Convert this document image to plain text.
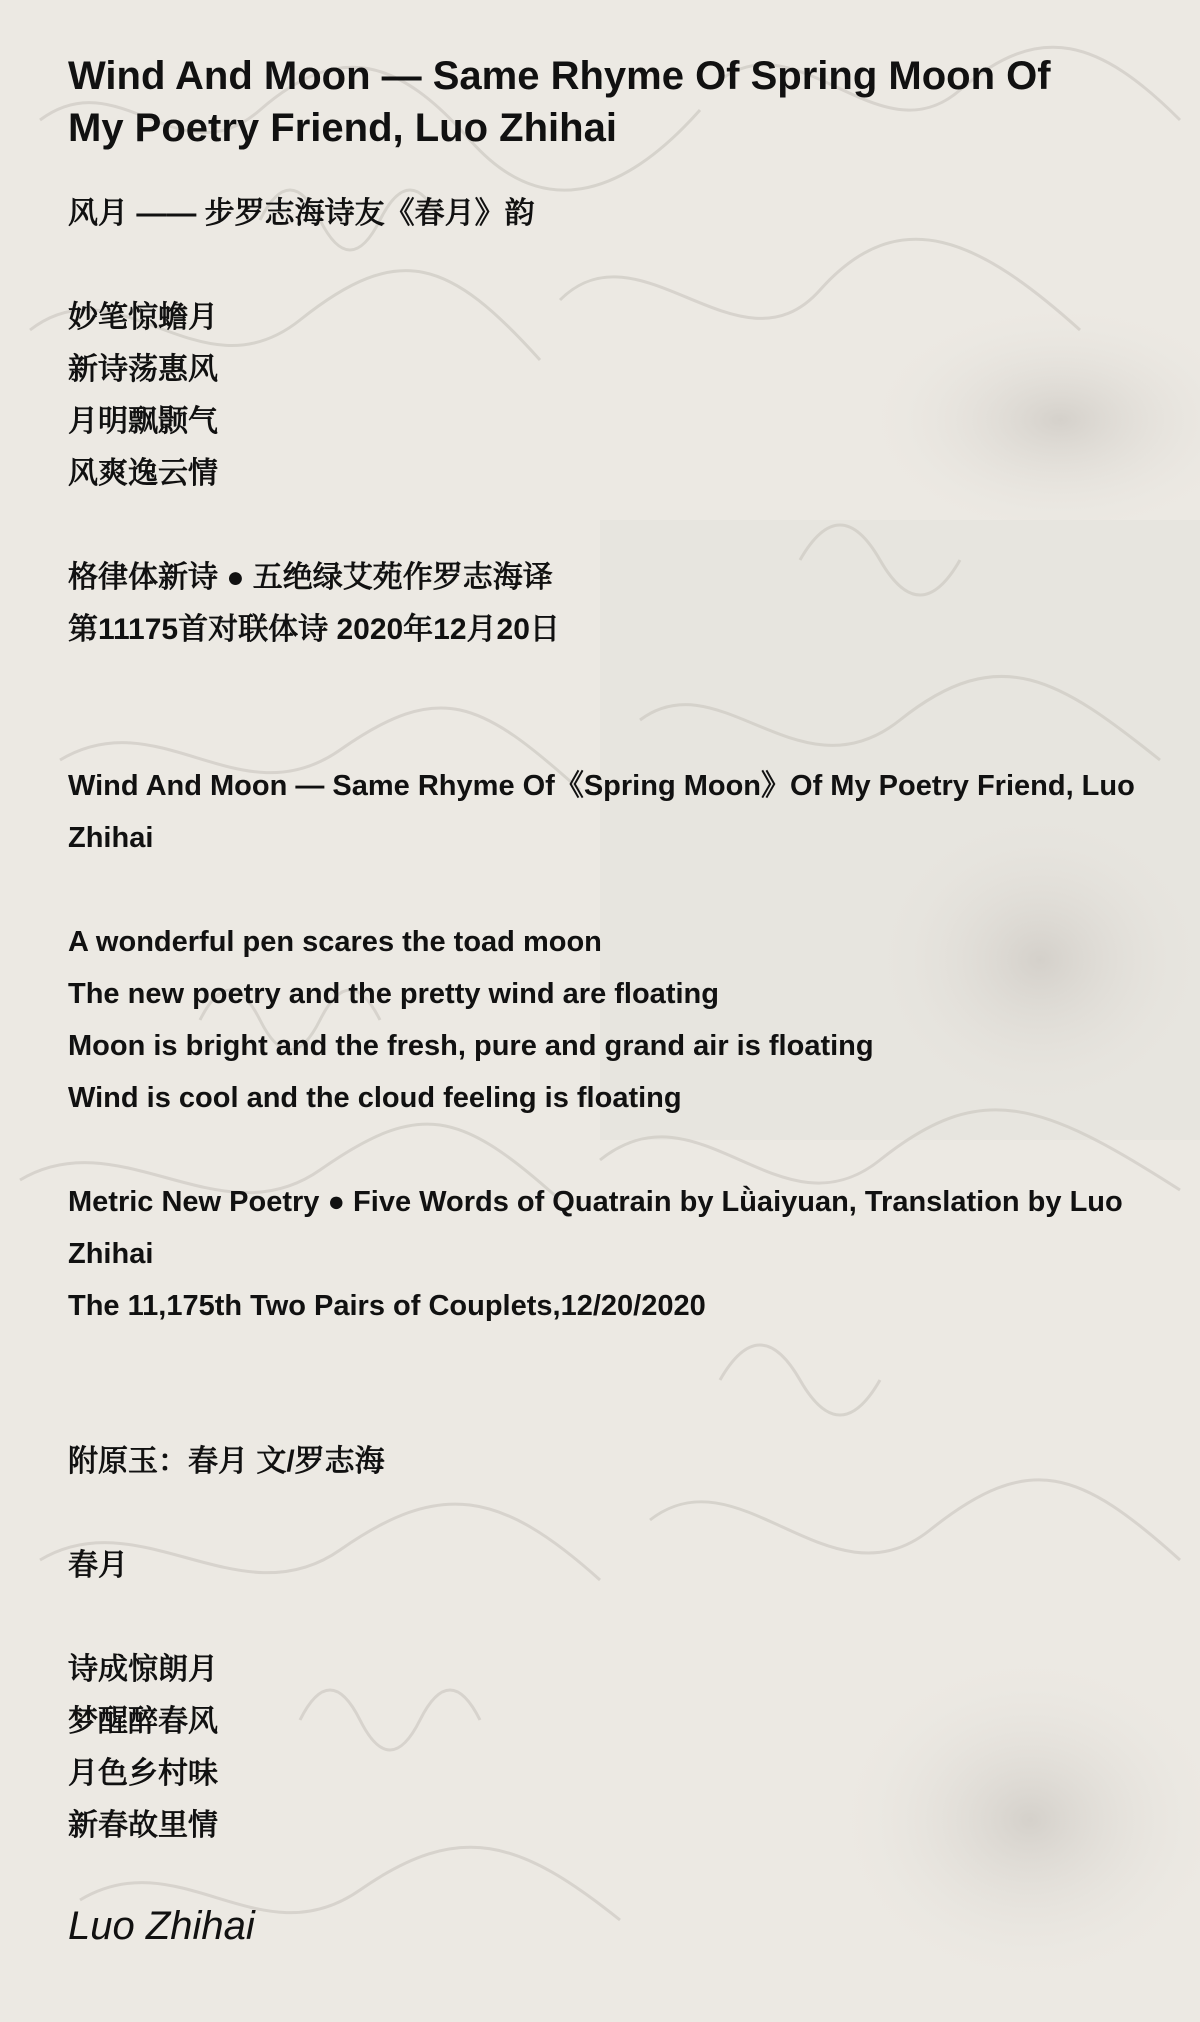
Wind And Moon — Same Rhyme Of Spring Moon Of My Poetry Friend, Luo Zhihai

风月 —— 步罗志海诗友《春月》韵

妙笔惊蟾月

新诗荡惠风

月明飘颢气

风爽逸云情

格律体新诗 ● 五绝绿艾苑作罗志海译

第11175首对联体诗 2020年12月20日

Wind And Moon — Same Rhyme Of《Spring Moon》Of My Poetry Friend, Luo Zhihai

A wonderful pen scares the toad moon

The new poetry and the pretty wind are floating

Moon is bright and the fresh, pure and grand air is floating

Wind is cool and the cloud feeling is floating

Metric New Poetry ● Five Words of Quatrain by Lǜaiyuan, Translation by Luo Zhihai

The 11,175th Two Pairs of Couplets,12/20/2020

附原玉：春月 文/罗志海

春月

诗成惊朗月

梦醒醉春风

月色乡村味

新春故里情

Luo Zhihai
